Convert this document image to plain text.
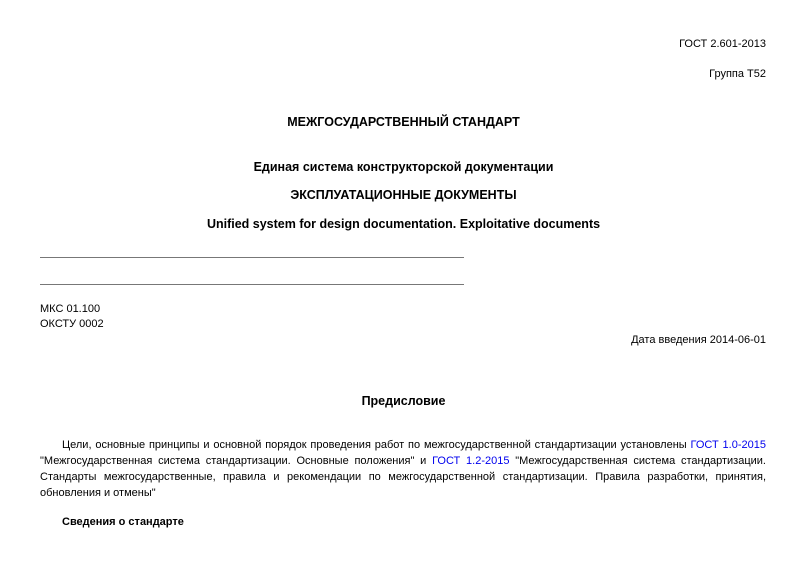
ГОСТ 2.601-2013
Группа Т52
МЕЖГОСУДАРСТВЕННЫЙ СТАНДАРТ
Единая система конструкторской документации
ЭКСПЛУАТАЦИОННЫЕ ДОКУМЕНТЫ
Unified system for design documentation. Exploitative documents
МКС 01.100
ОКСТУ 0002
Дата введения 2014-06-01
Предисловие
Цели, основные принципы и основной порядок проведения работ по межгосударственной стандартизации установлены ГОСТ 1.0-2015 "Межгосударственная система стандартизации. Основные положения" и ГОСТ 1.2-2015 "Межгосударственная система стандартизации. Стандарты межгосударственные, правила и рекомендации по межгосударственной стандартизации. Правила разработки, принятия, обновления и отмены"
Сведения о стандарте
